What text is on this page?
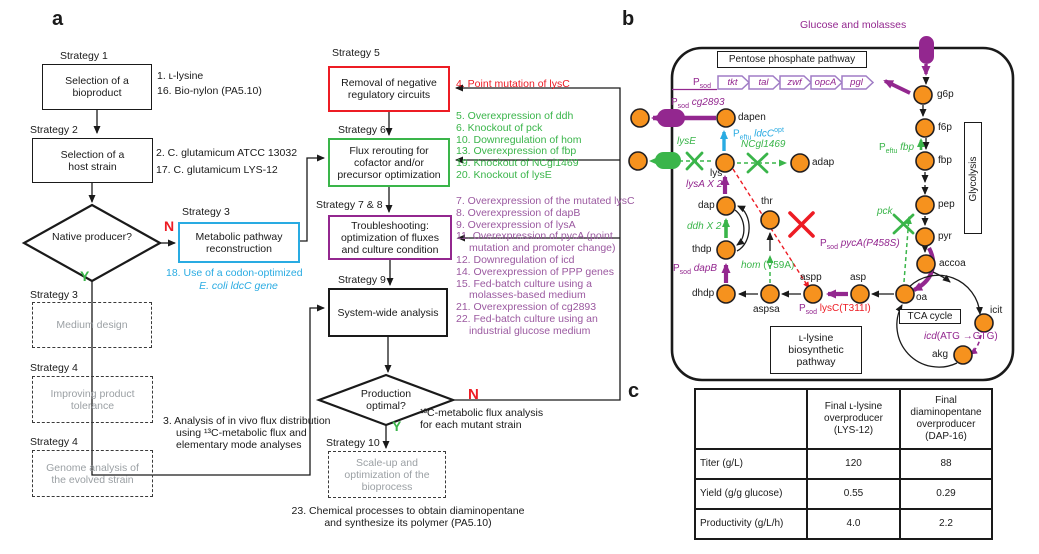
a
Strategy 1
Selection of a bioproduct
1. ʟ-lysine
16. Bio-nylon (PA5.10)
Strategy 2
Selection of a host strain
2. C. glutamicum ATCC 13032
17. C. glutamicum LYS-12
Native producer?
N
Y
Strategy 3
Metabolic pathway reconstruction
18. Use of a codon-optimized
E. coli ldcC gene
Strategy 3
Medium design
Strategy 4
Improving product tolerance
Strategy 4
Genome analysis of the evolved strain
Strategy 5
Removal of negative regulatory circuits
4. Point mutation of lysC
Strategy 6
Flux rerouting for cofactor and/or precursor optimization
5. Overexpression of ddh
6. Knockout of pck
10. Downregulation of hom
13. Overexpression of fbp
19. Knockout of NCgl1469
20. Knockout of lysE
Strategy 7 & 8
Troubleshooting: optimization of fluxes and culture condition
7. Overexpression of the mutated lysC
8. Overexpression of dapB
9. Overexpression of lysA
11. Overexpression of pycA (point mutation and promoter change)
12. Downregulation of icd
14. Overexpression of PPP genes
15. Fed-batch culture using a molasses-based medium
21. Overexpression of cg2893
22. Fed-batch culture using an industrial glucose medium
Strategy 9
System-wide analysis
Production optimal?
N
Y
¹³C-metabolic flux analysis for each mutant strain
Strategy 10
Scale-up and optimization of the bioprocess
3. Analysis of in vivo flux distribution using ¹³C-metabolic flux and elementary mode analyses
23. Chemical processes to obtain diaminopentane and synthesize its polymer (PA5.10)
b	Glucose and molasses
Pentose phosphate pathway
$P_{sod}$	tkt	tal	zwf	opcA	pgl
$P_{sod}$ cg2893
$P_{eftu}$ ldcC$^{opt}$
lysE	NCgl1469
lysA X 2
ddh X 2
$P_{sod}$ dapB hom (V59A)
$P_{sod}$ lysC(T311I)
$P_{sod}$ pycA(P458S)
pck
$P_{eftu}$ fbp
icd(ATG →GTG)
TCA cycle
ʟ-lysine biosynthetic pathway
Glycolysis
g6p
f6p
fbp
pep
pyr
accoa
oa
icit
akg
asp
aspp
aspsa
dhdp
thdp
dap	thr
lys
dapen
adap
c
	Final ʟ-lysine overproducer (LYS-12)	Final diaminopentane overproducer (DAP-16)
Titer (g/L)	120	88
Yield (g/g glucose)	0.55	0.29
Productivity (g/L/h)	4.0	2.2
